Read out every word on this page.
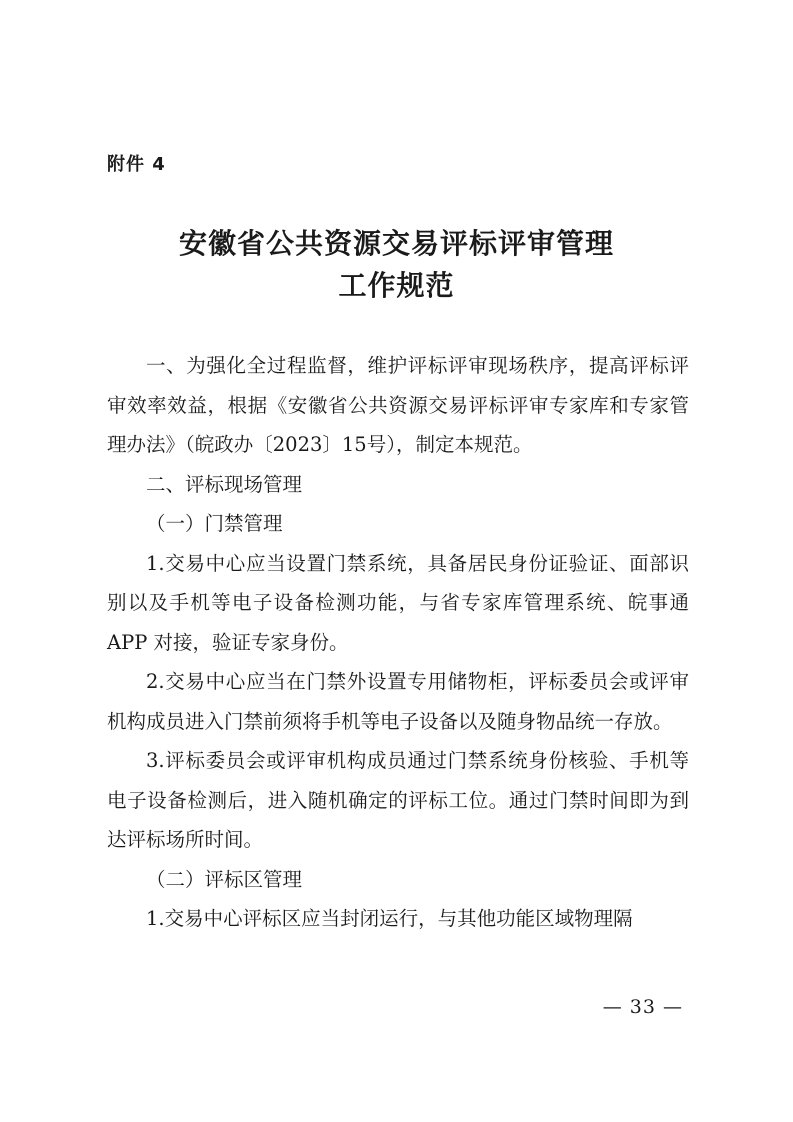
附件 4
安徽省公共资源交易评标评审管理
工作规范

一、为强化全过程监督，维护评标评审现场秩序，提高评标评审效率效益，根据《安徽省公共资源交易评标评审专家库和专家管理办法》（皖政办〔2023〕15号），制定本规范。

二、评标现场管理

（一）门禁管理

1.交易中心应当设置门禁系统，具备居民身份证验证、面部识别以及手机等电子设备检测功能，与省专家库管理系统、皖事通 APP 对接，验证专家身份。

2.交易中心应当在门禁外设置专用储物柜，评标委员会或评审机构成员进入门禁前须将手机等电子设备以及随身物品统一存放。

3.评标委员会或评审机构成员通过门禁系统身份核验、手机等电子设备检测后，进入随机确定的评标工位。通过门禁时间即为到达评标场所时间。

（二）评标区管理

1.交易中心评标区应当封闭运行，与其他功能区域物理隔

— 33 —
